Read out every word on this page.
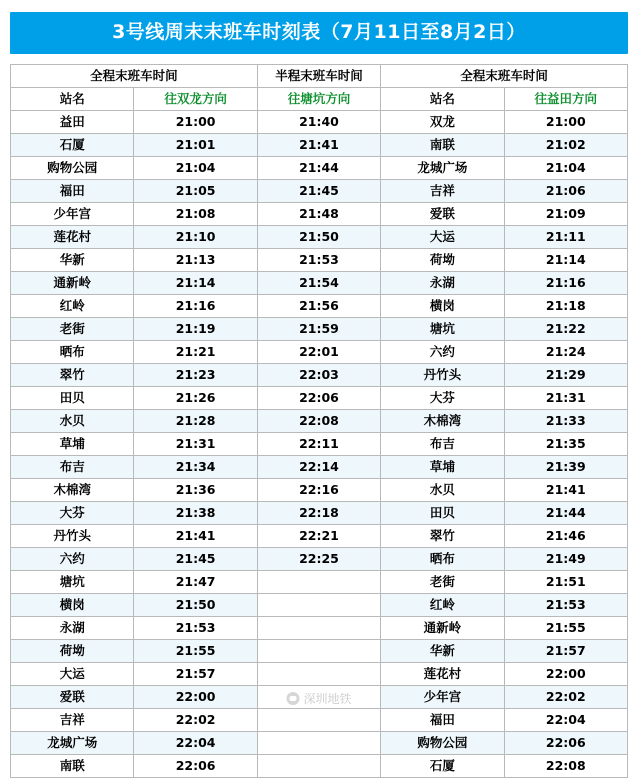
3号线周末末班车时刻表（7月11日至8月2日）
全程末班车时间		半程末班车时间	全程末班车时间	
站名	往双龙方向	往塘坑方向	站名	往益田方向
益田	21:00	21:40	双龙	21:00
石厦	21:01	21:41	南联	21:02
购物公园	21:04	21:44	龙城广场	21:04
福田	21:05	21:45	吉祥	21:06
少年宫	21:08	21:48	爱联	21:09
莲花村	21:10	21:50	大运	21:11
华新	21:13	21:53	荷坳	21:14
通新岭	21:14	21:54	永湖	21:16
红岭	21:16	21:56	横岗	21:18
老街	21:19	21:59	塘坑	21:22
晒布	21:21	22:01	六约	21:24
翠竹	21:23	22:03	丹竹头	21:29
田贝	21:26	22:06	大芬	21:31
水贝	21:28	22:08	木棉湾	21:33
草埔	21:31	22:11	布吉	21:35
布吉	21:34	22:14	草埔	21:39
木棉湾	21:36	22:16	水贝	21:41
大芬	21:38	22:18	田贝	21:44
丹竹头	21:41	22:21	翠竹	21:46
六约	21:45	22:25	晒布	21:49
塘坑	21:47		老街	21:51
横岗	21:50		红岭	21:53
永湖	21:53		通新岭	21:55
荷坳	21:55		华新	21:57
大运	21:57		莲花村	22:00
爱联	22:00		少年宫	22:02
吉祥	22:02		福田	22:04
龙城广场	22:04		购物公园	22:06
南联	22:06		石厦	22:08
深圳地铁
